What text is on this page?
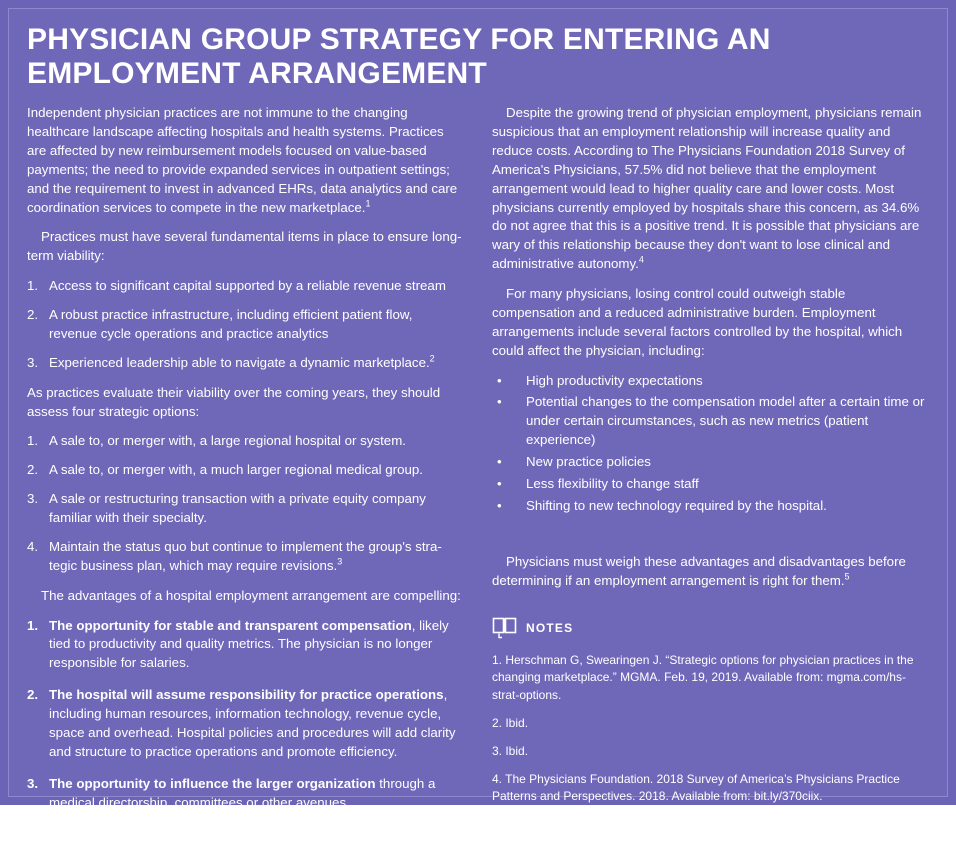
PHYSICIAN GROUP STRATEGY FOR ENTERING AN EMPLOYMENT ARRANGEMENT

Independent physician practices are not immune to the changing healthcare landscape affecting hospitals and health systems. Practices are affected by new reimbursement models focused on value-based payments; the need to provide expanded services in outpatient settings; and the requirement to invest in advanced EHRs, data analytics and care coordination services to compete in the new marketplace.$^1$

Practices must have several fundamental items in place to ensure long-term viability:

1. Access to significant capital supported by a reliable revenue stream
2. A robust practice infrastructure, including efficient patient flow, revenue cycle operations and practice analytics
3. Experienced leadership able to navigate a dynamic marketplace.$^2$

As practices evaluate their viability over the coming years, they should assess four strategic options:

1. A sale to, or merger with, a large regional hospital or system.
2. A sale to, or merger with, a much larger regional medical group.
3. A sale or restructuring transaction with a private equity company familiar with their specialty.
4. Maintain the status quo but continue to implement the group's stra-tegic business plan, which may require revisions.$^3$

The advantages of a hospital employment arrangement are compelling:

1. The opportunity for stable and transparent compensation, likely tied to productivity and quality metrics. The physician is no longer responsible for salaries.
2. The hospital will assume responsibility for practice operations, including human resources, information technology, revenue cycle, space and overhead. Hospital policies and procedures will add clarity and structure to practice operations and promote efficiency.
3. The opportunity to influence the larger organization through a medical directorship, committees or other avenues.

Despite the growing trend of physician employment, physicians remain suspicious that an employment relationship will increase quality and reduce costs. According to The Physicians Foundation 2018 Survey of America's Physicians, 57.5% did not believe that the employment arrangement would lead to higher quality care and lower costs. Most physicians currently employed by hospitals share this concern, as 34.6% do not agree that this is a positive trend. It is possible that physicians are wary of this relationship because they don't want to lose clinical and administrative autonomy.$^4$

For many physicians, losing control could outweigh stable compensation and a reduced administrative burden. Employment arrangements include several factors controlled by the hospital, which could affect the physician, including:

• High productivity expectations
• Potential changes to the compensation model after a certain time or under certain circumstances, such as new metrics (patient experience)
• New practice policies
• Less flexibility to change staff
• Shifting to new technology required by the hospital.

Physicians must weigh these advantages and disadvantages before determining if an employment arrangement is right for them.$^5$

NOTES

1. Herschman G, Swearingen J. “Strategic options for physician practices in the changing marketplace.” MGMA. Feb. 19, 2019. Available from: mgma.com/hs-strat-options.

2. Ibid.

3. Ibid.

4. The Physicians Foundation. 2018 Survey of America’s Physicians Practice Patterns and Perspectives. 2018. Available from: bit.ly/370ciix.

5. Mertz G. “Hospital Employment vs. Private Practice: Pros and Cons.” Physicians Practice. June 2, 2013. Available from: bit.ly/2H11ypn.
